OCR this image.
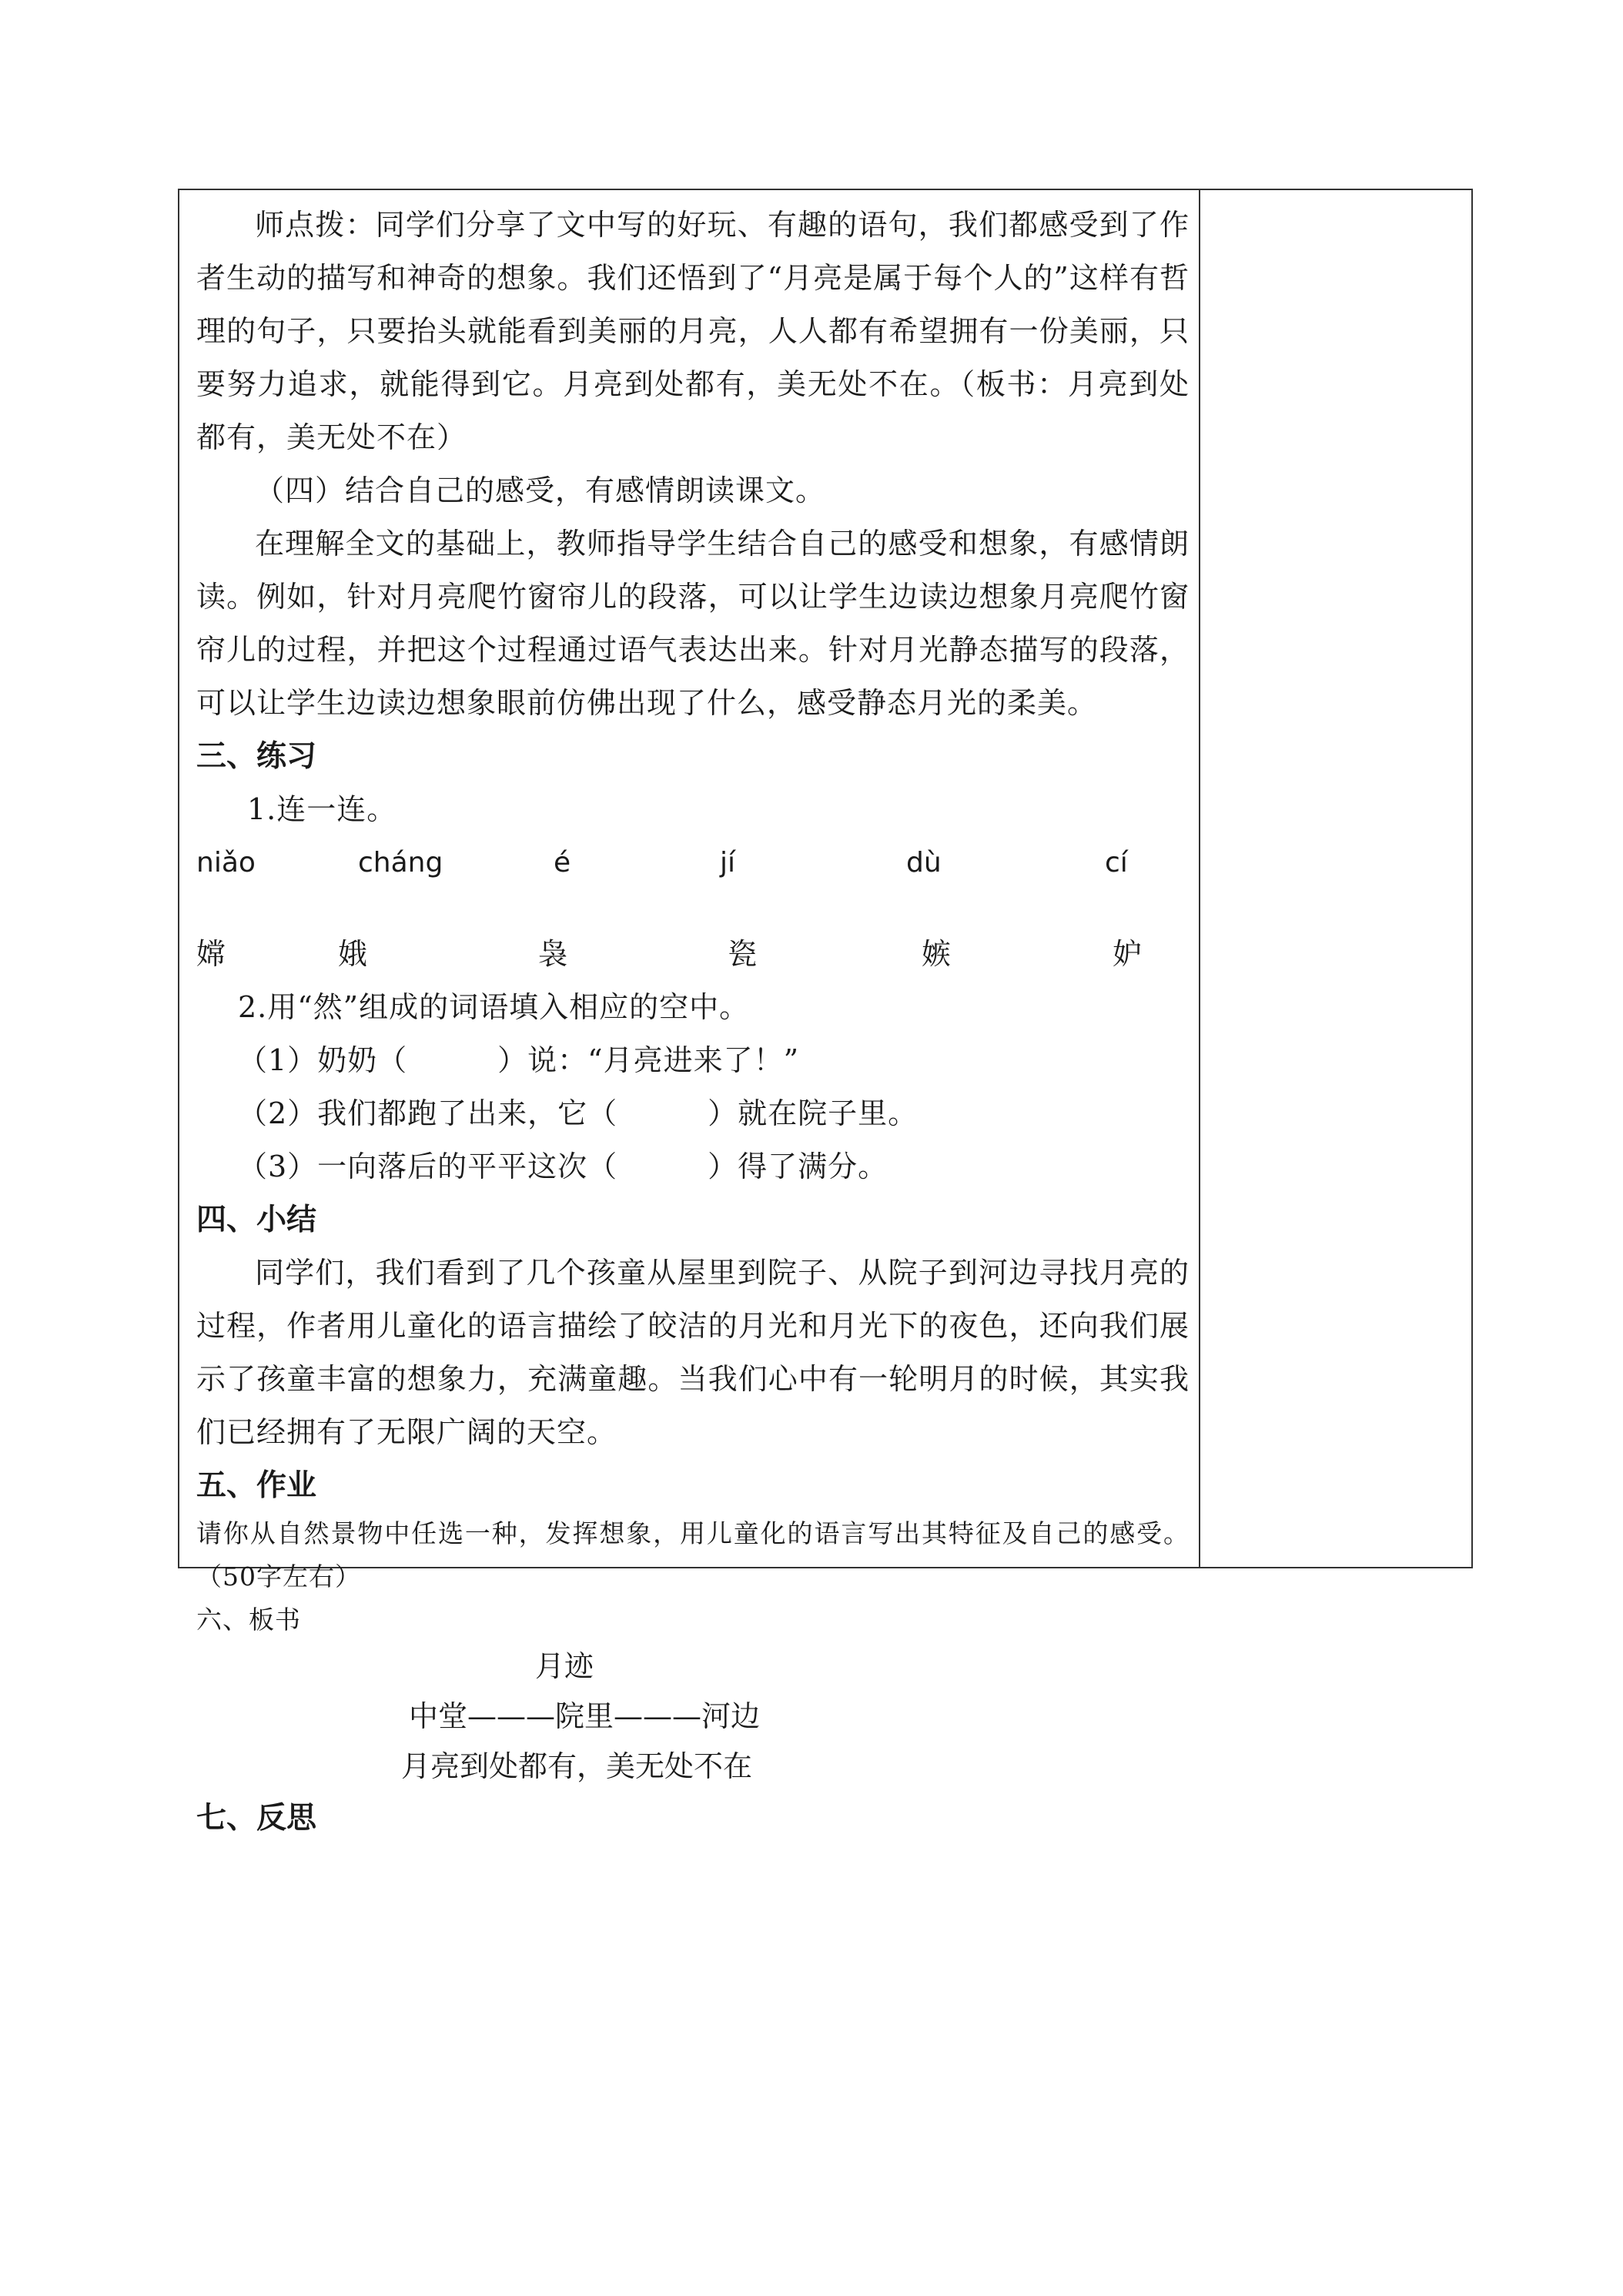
师点拨：同学们分享了文中写的好玩、有趣的语句，我们都感受到了作者生动的描写和神奇的想象。我们还悟到了“月亮是属于每个人的”这样有哲理的句子，只要抬头就能看到美丽的月亮，人人都有希望拥有一份美丽，只要努力追求，就能得到它。月亮到处都有，美无处不在。（板书：月亮到处都有，美无处不在）

（四）结合自己的感受，有感情朗读课文。

在理解全文的基础上，教师指导学生结合自己的感受和想象，有感情朗读。例如，针对月亮爬竹窗帘儿的段落，可以让学生边读边想象月亮爬竹窗帘儿的过程，并把这个过程通过语气表达出来。针对月光静态描写的段落，可以让学生边读边想象眼前仿佛出现了什么，感受静态月光的柔美。

三、练习

1.连一连。

niǎo	cháng	é	jí	dù	cí
嫦	娥	袅	瓷	嫉	妒

2.用“然”组成的词语填入相应的空中。

（1）奶奶（　　　）说：“月亮进来了！”

（2）我们都跑了出来，它（　　　）就在院子里。

（3）一向落后的平平这次（　　　）得了满分。

四、小结

同学们，我们看到了几个孩童从屋里到院子、从院子到河边寻找月亮的过程，作者用儿童化的语言描绘了皎洁的月光和月光下的夜色，还向我们展示了孩童丰富的想象力，充满童趣。当我们心中有一轮明月的时候，其实我们已经拥有了无限广阔的天空。

五、作业

请你从自然景物中任选一种，发挥想象，用儿童化的语言写出其特征及自己的感受。（50字左右）

六、板书

月迹
中堂———院里———河边
月亮到处都有，美无处不在

七、反思
